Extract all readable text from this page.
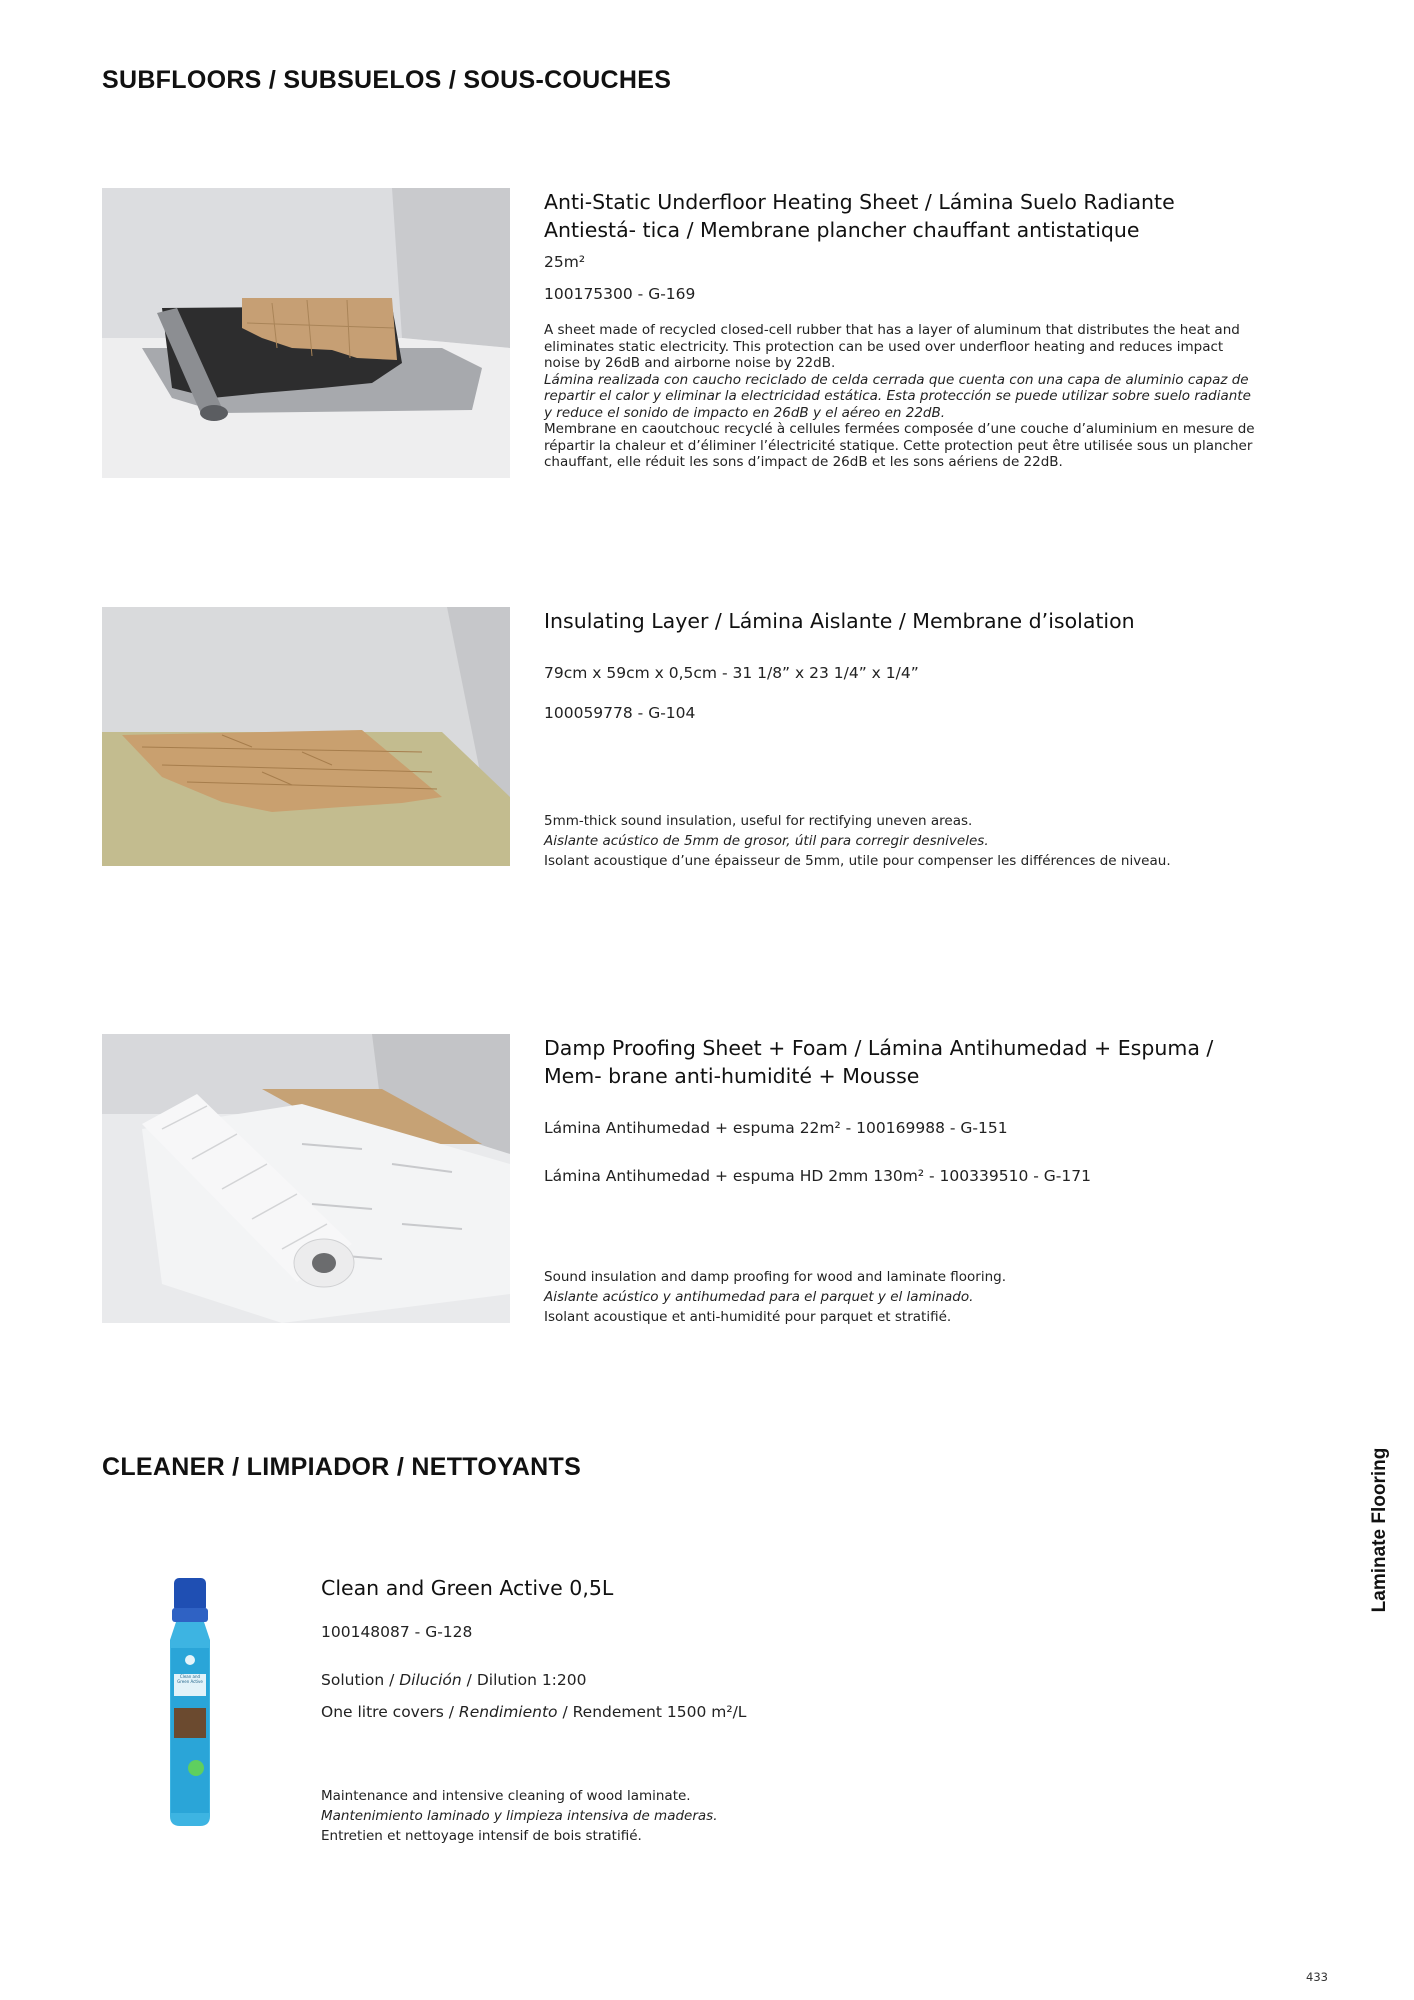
SUBFLOORS / SUBSUELOS / SOUS-COUCHES
Anti-Static Underfloor Heating Sheet / Lámina Suelo Radiante Antiestá- tica / Membrane plancher chauffant antistatique

25m²

100175300 - G-169

A sheet made of recycled closed-cell rubber that has a layer of aluminum that distributes the heat and eliminates static electricity. This protection can be used over underfloor heating and reduces impact noise by 26dB and airborne noise by 22dB.

Lámina realizada con caucho reciclado de celda cerrada que cuenta con una capa de aluminio capaz de repartir el calor y eliminar la electricidad estática. Esta protección se puede utilizar sobre suelo radiante y reduce el sonido de impacto en 26dB y el aéreo en 22dB.

Membrane en caoutchouc recyclé à cellules fermées composée d’une couche d’aluminium en mesure de répartir la chaleur et d’éliminer l’électricité statique. Cette protection peut être utilisée sous un plancher chauffant, elle réduit les sons d’impact de 26dB et les sons aériens de 22dB.

Insulating Layer / Lámina Aislante / Membrane d’isolation

79cm x 59cm x 0,5cm - 31 1/8” x 23 1/4” x 1/4”

100059778 - G-104

5mm-thick sound insulation, useful for rectifying uneven areas.

Aislante acústico de 5mm de grosor, útil para corregir desniveles.

Isolant acoustique d’une épaisseur de 5mm, utile pour compenser les différences de niveau.

Damp Proofing Sheet + Foam / Lámina Antihumedad + Espuma / Mem- brane anti-humidité + Mousse

Lámina Antihumedad + espuma 22m² - 100169988 - G-151

Lámina Antihumedad + espuma HD 2mm 130m² - 100339510 - G-171

Sound insulation and damp proofing for wood and laminate flooring.

Aislante acústico y antihumedad para el parquet y el laminado.

Isolant acoustique et anti-humidité pour parquet et stratifié.

CLEANER / LIMPIADOR / NETTOYANTS
Clean and Green Active
Clean and Green Active 0,5L

100148087 - G-128

Solution / Dilución / Dilution 1:200

One litre covers / Rendimiento / Rendement 1500 m²/L

Maintenance and intensive cleaning of wood laminate.

Mantenimiento laminado y limpieza intensiva de maderas.

Entretien et nettoyage intensif de bois stratifié.

Laminate Flooring
433
